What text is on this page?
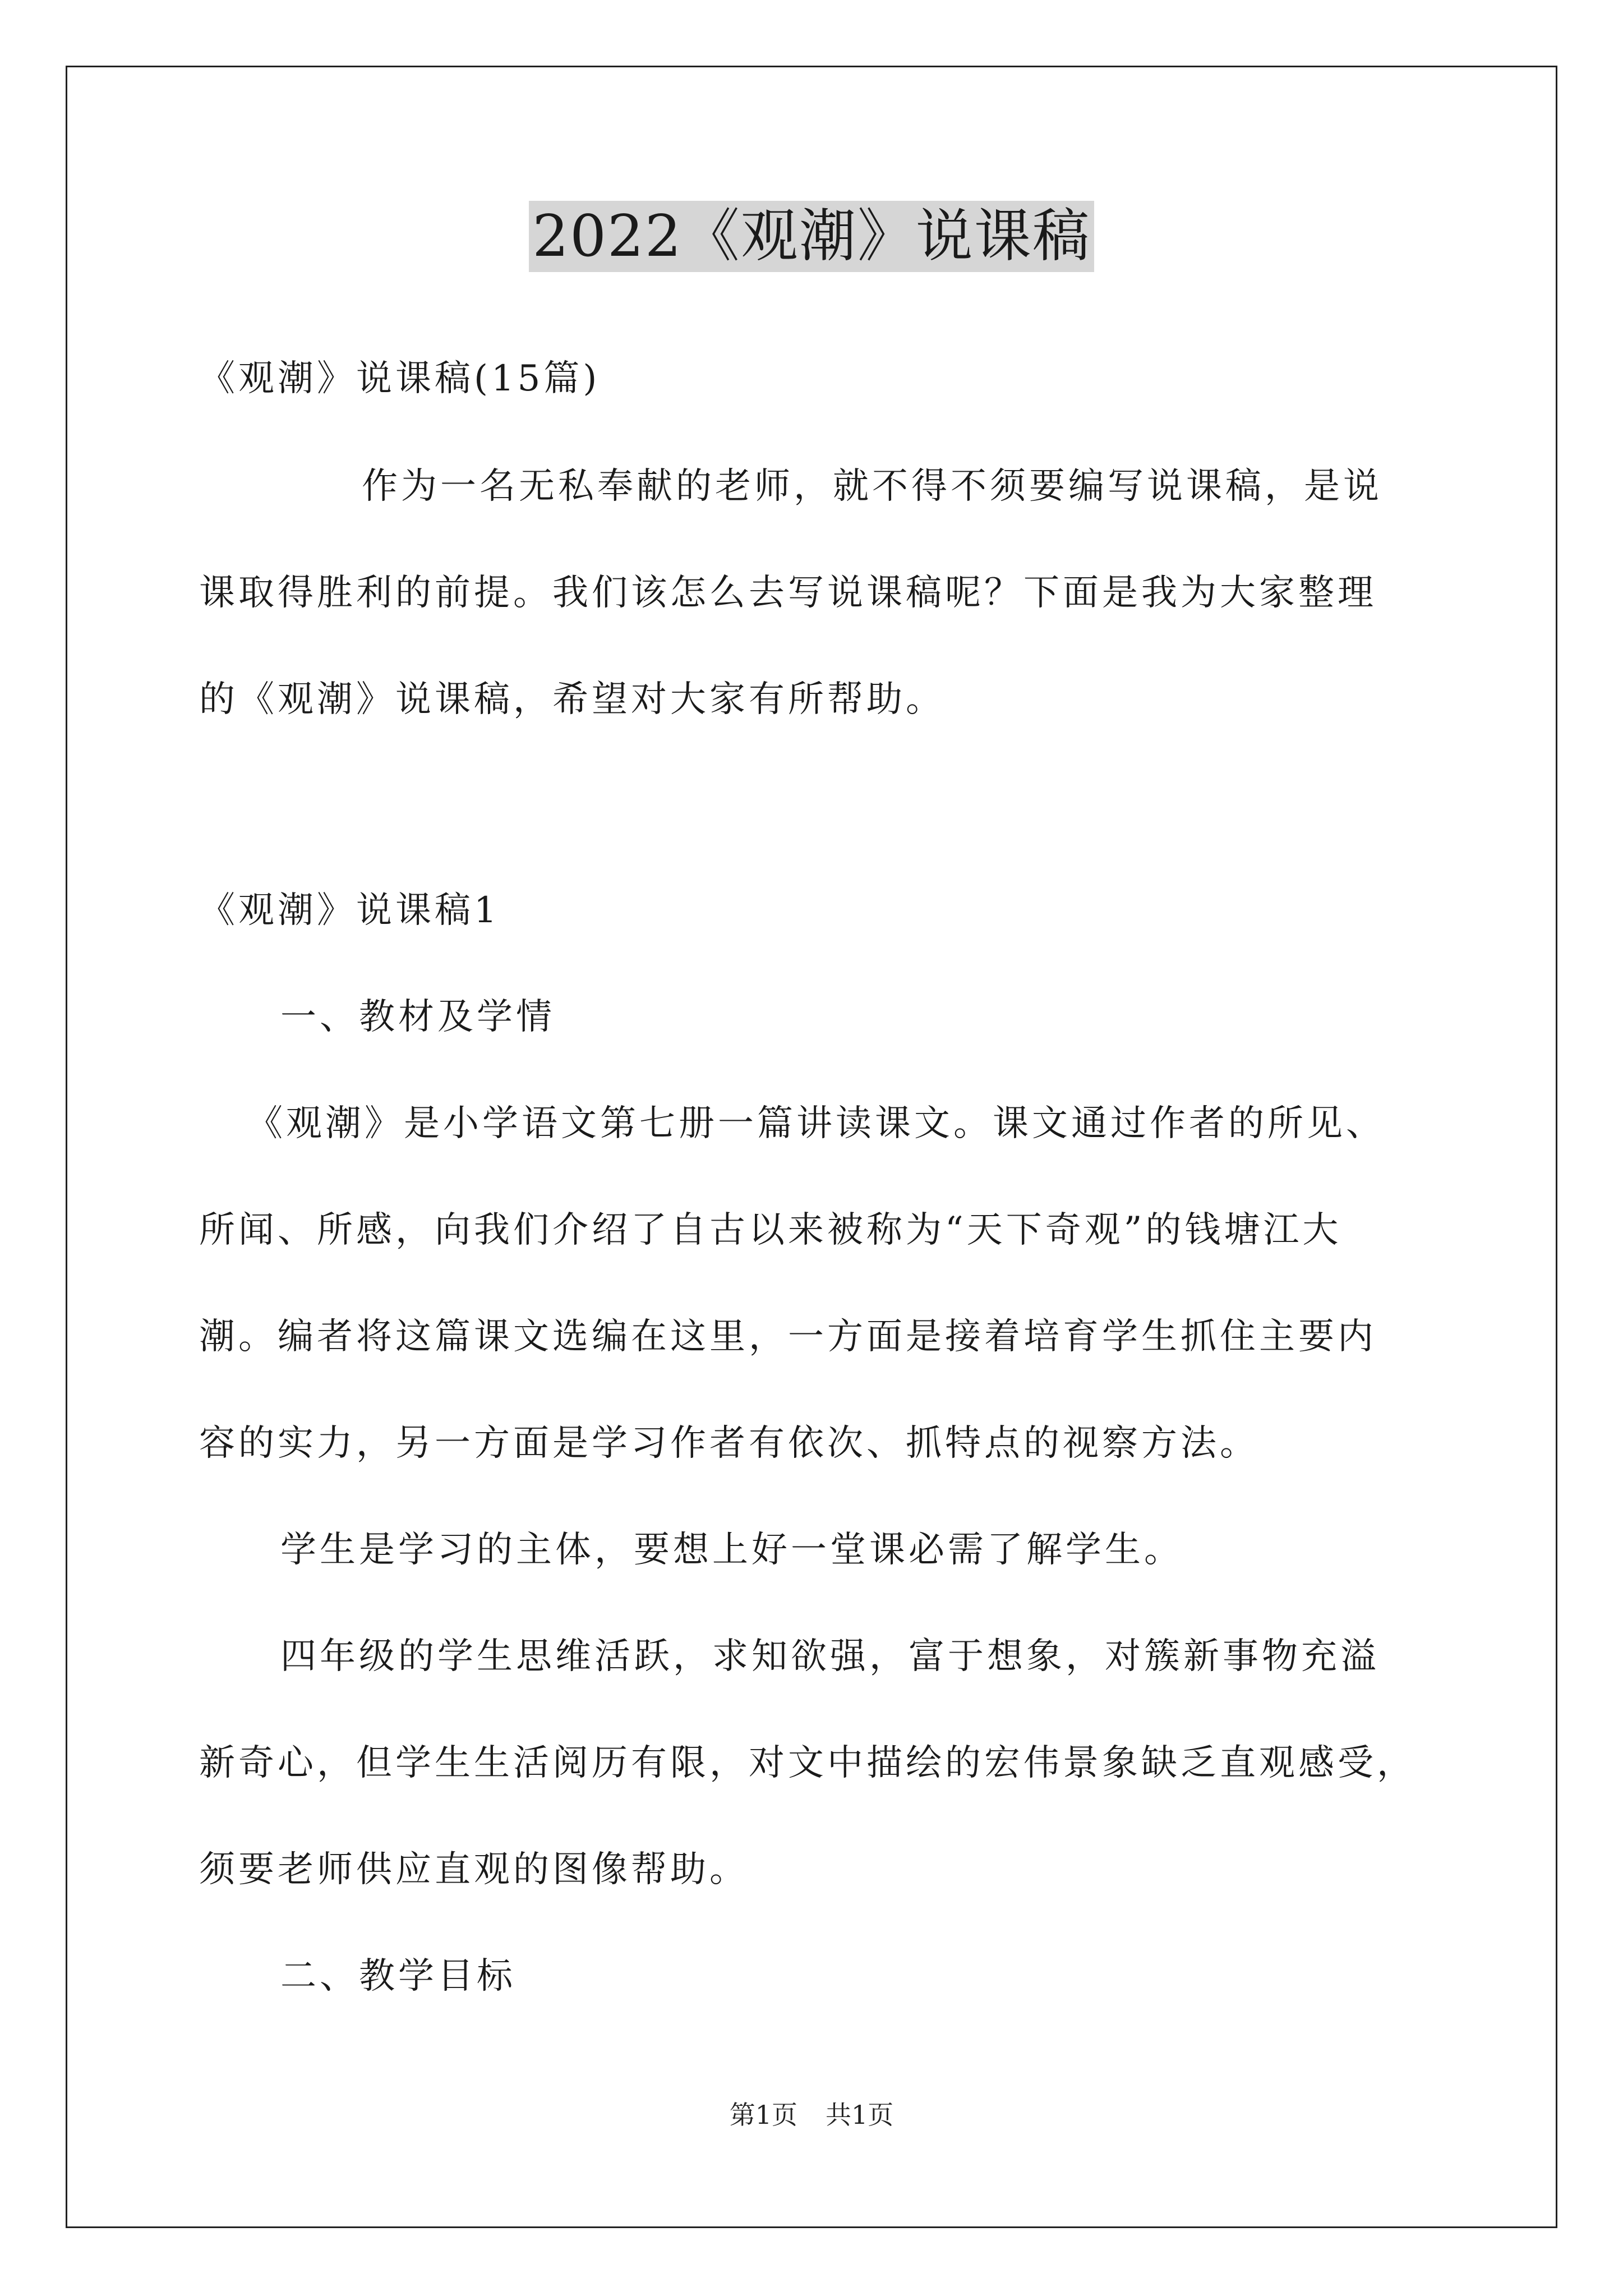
2022《观潮》说课稿
《观潮》说课稿(15篇)
作为一名无私奉献的老师，就不得不须要编写说课稿，是说
课取得胜利的前提。我们该怎么去写说课稿呢？下面是我为大家整理
的《观潮》说课稿，希望对大家有所帮助。
《观潮》说课稿1
一、教材及学情
《观潮》是小学语文第七册一篇讲读课文。课文通过作者的所见、
所闻、所感，向我们介绍了自古以来被称为“天下奇观”的钱塘江大
潮。编者将这篇课文选编在这里，一方面是接着培育学生抓住主要内
容的实力，另一方面是学习作者有依次、抓特点的视察方法。
学生是学习的主体，要想上好一堂课必需了解学生。
四年级的学生思维活跃，求知欲强，富于想象，对簇新事物充溢
新奇心，但学生生活阅历有限，对文中描绘的宏伟景象缺乏直观感受，
须要老师供应直观的图像帮助。
二、教学目标
第1页 共1页
